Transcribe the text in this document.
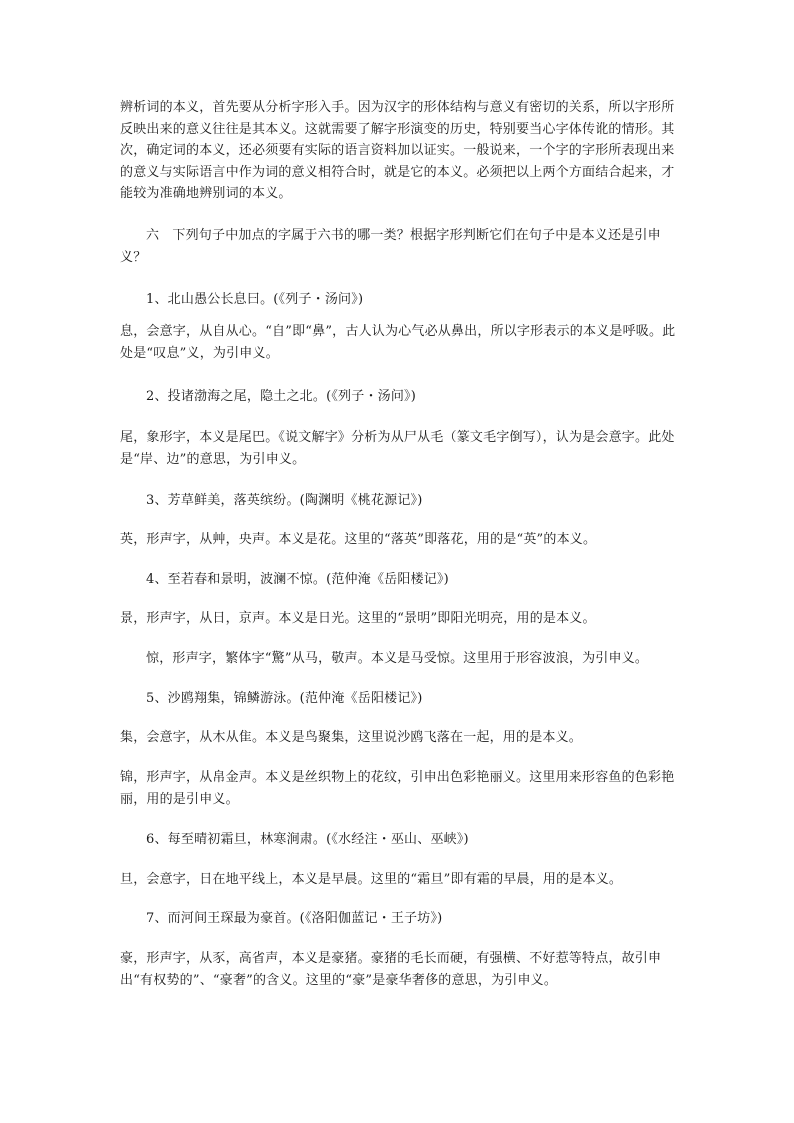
辨析词的本义，首先要从分析字形入手。因为汉字的形体结构与意义有密切的关系，所以字形所反映出来的意义往往是其本义。这就需要了解字形演变的历史，特别要当心字体传讹的情形。其次，确定词的本义，还必须要有实际的语言资料加以证实。一般说来，一个字的字形所表现出来的意义与实际语言中作为词的意义相符合时，就是它的本义。必须把以上两个方面结合起来，才能较为准确地辨别词的本义。

六　下列句子中加点的字属于六书的哪一类？根据字形判断它们在句子中是本义还是引申义？

1、北山愚公长息曰。(《列子・汤问》)

息，会意字，从自从心。“自”即“鼻”，古人认为心气必从鼻出，所以字形表示的本义是呼吸。此处是“叹息”义，为引申义。

2、投诸渤海之尾，隐土之北。(《列子・汤问》)

尾，象形字，本义是尾巴。《说文解字》分析为从尸从毛（篆文毛字倒写），认为是会意字。此处是“岸、边”的意思，为引申义。

3、芳草鲜美，落英缤纷。(陶渊明《桃花源记》)

英，形声字，从艸，央声。本义是花。这里的“落英”即落花，用的是“英”的本义。

4、至若春和景明，波澜不惊。(范仲淹《岳阳楼记》)

景，形声字，从日，京声。本义是日光。这里的“景明”即阳光明亮，用的是本义。

惊，形声字，繁体字“驚”从马，敬声。本义是马受惊。这里用于形容波浪，为引申义。

5、沙鸥翔集，锦鳞游泳。(范仲淹《岳阳楼记》)

集，会意字，从木从隹。本义是鸟聚集，这里说沙鸥飞落在一起，用的是本义。

锦，形声字，从帛金声。本义是丝织物上的花纹，引申出色彩艳丽义。这里用来形容鱼的色彩艳丽，用的是引申义。

6、每至晴初霜旦，林寒涧肃。(《水经注・巫山、巫峡》)

旦，会意字，日在地平线上，本义是早晨。这里的“霜旦”即有霜的早晨，用的是本义。

7、而河间王琛最为豪首。(《洛阳伽蓝记・王子坊》)

豪，形声字，从豕，高省声，本义是豪猪。豪猪的毛长而硬，有强横、不好惹等特点，故引申出“有权势的”、“豪奢”的含义。这里的“豪”是豪华奢侈的意思，为引申义。
